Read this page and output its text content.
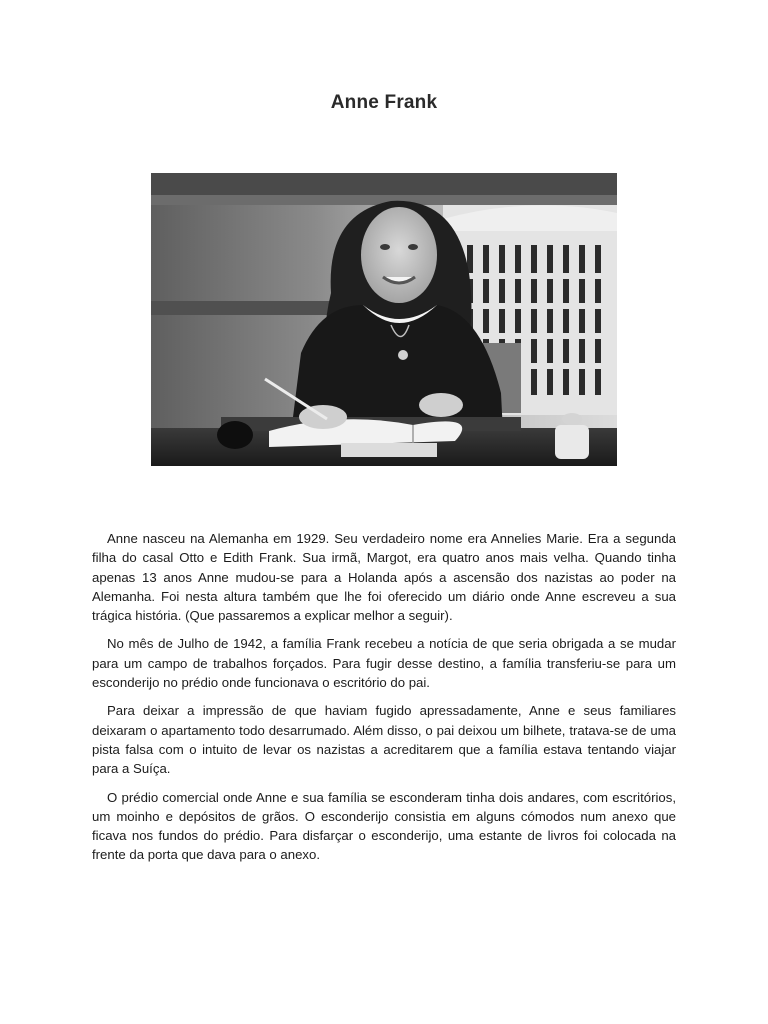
Anne Frank

Anne nasceu na Alemanha em 1929. Seu verdadeiro nome era Annelies Marie. Era a segunda filha do casal Otto e Edith Frank. Sua irmã, Margot, era quatro anos mais velha. Quando tinha apenas 13 anos Anne mudou-se para a Holanda após a ascensão dos nazistas ao poder na Alemanha. Foi nesta altura também que lhe foi oferecido um diário onde Anne escreveu a sua trágica história. (Que passaremos a explicar melhor a seguir).

No mês de Julho de 1942, a família Frank recebeu a notícia de que seria obrigada a se mudar para um campo de trabalhos forçados. Para fugir desse destino, a família transferiu-se para um esconderijo no prédio onde funcionava o escritório do pai.

Para deixar a impressão de que haviam fugido apressadamente, Anne e seus familiares deixaram o apartamento todo desarrumado. Além disso, o pai deixou um bilhete, tratava-se de uma pista falsa com o intuito de levar os nazistas a acreditarem que a família estava tentando viajar para a Suíça.

O prédio comercial onde Anne e sua família se esconderam tinha dois andares, com escritórios, um moinho e depósitos de grãos. O esconderijo consistia em alguns cómodos num anexo que ficava nos fundos do prédio. Para disfarçar o esconderijo, uma estante de livros foi colocada na frente da porta que dava para o anexo.
